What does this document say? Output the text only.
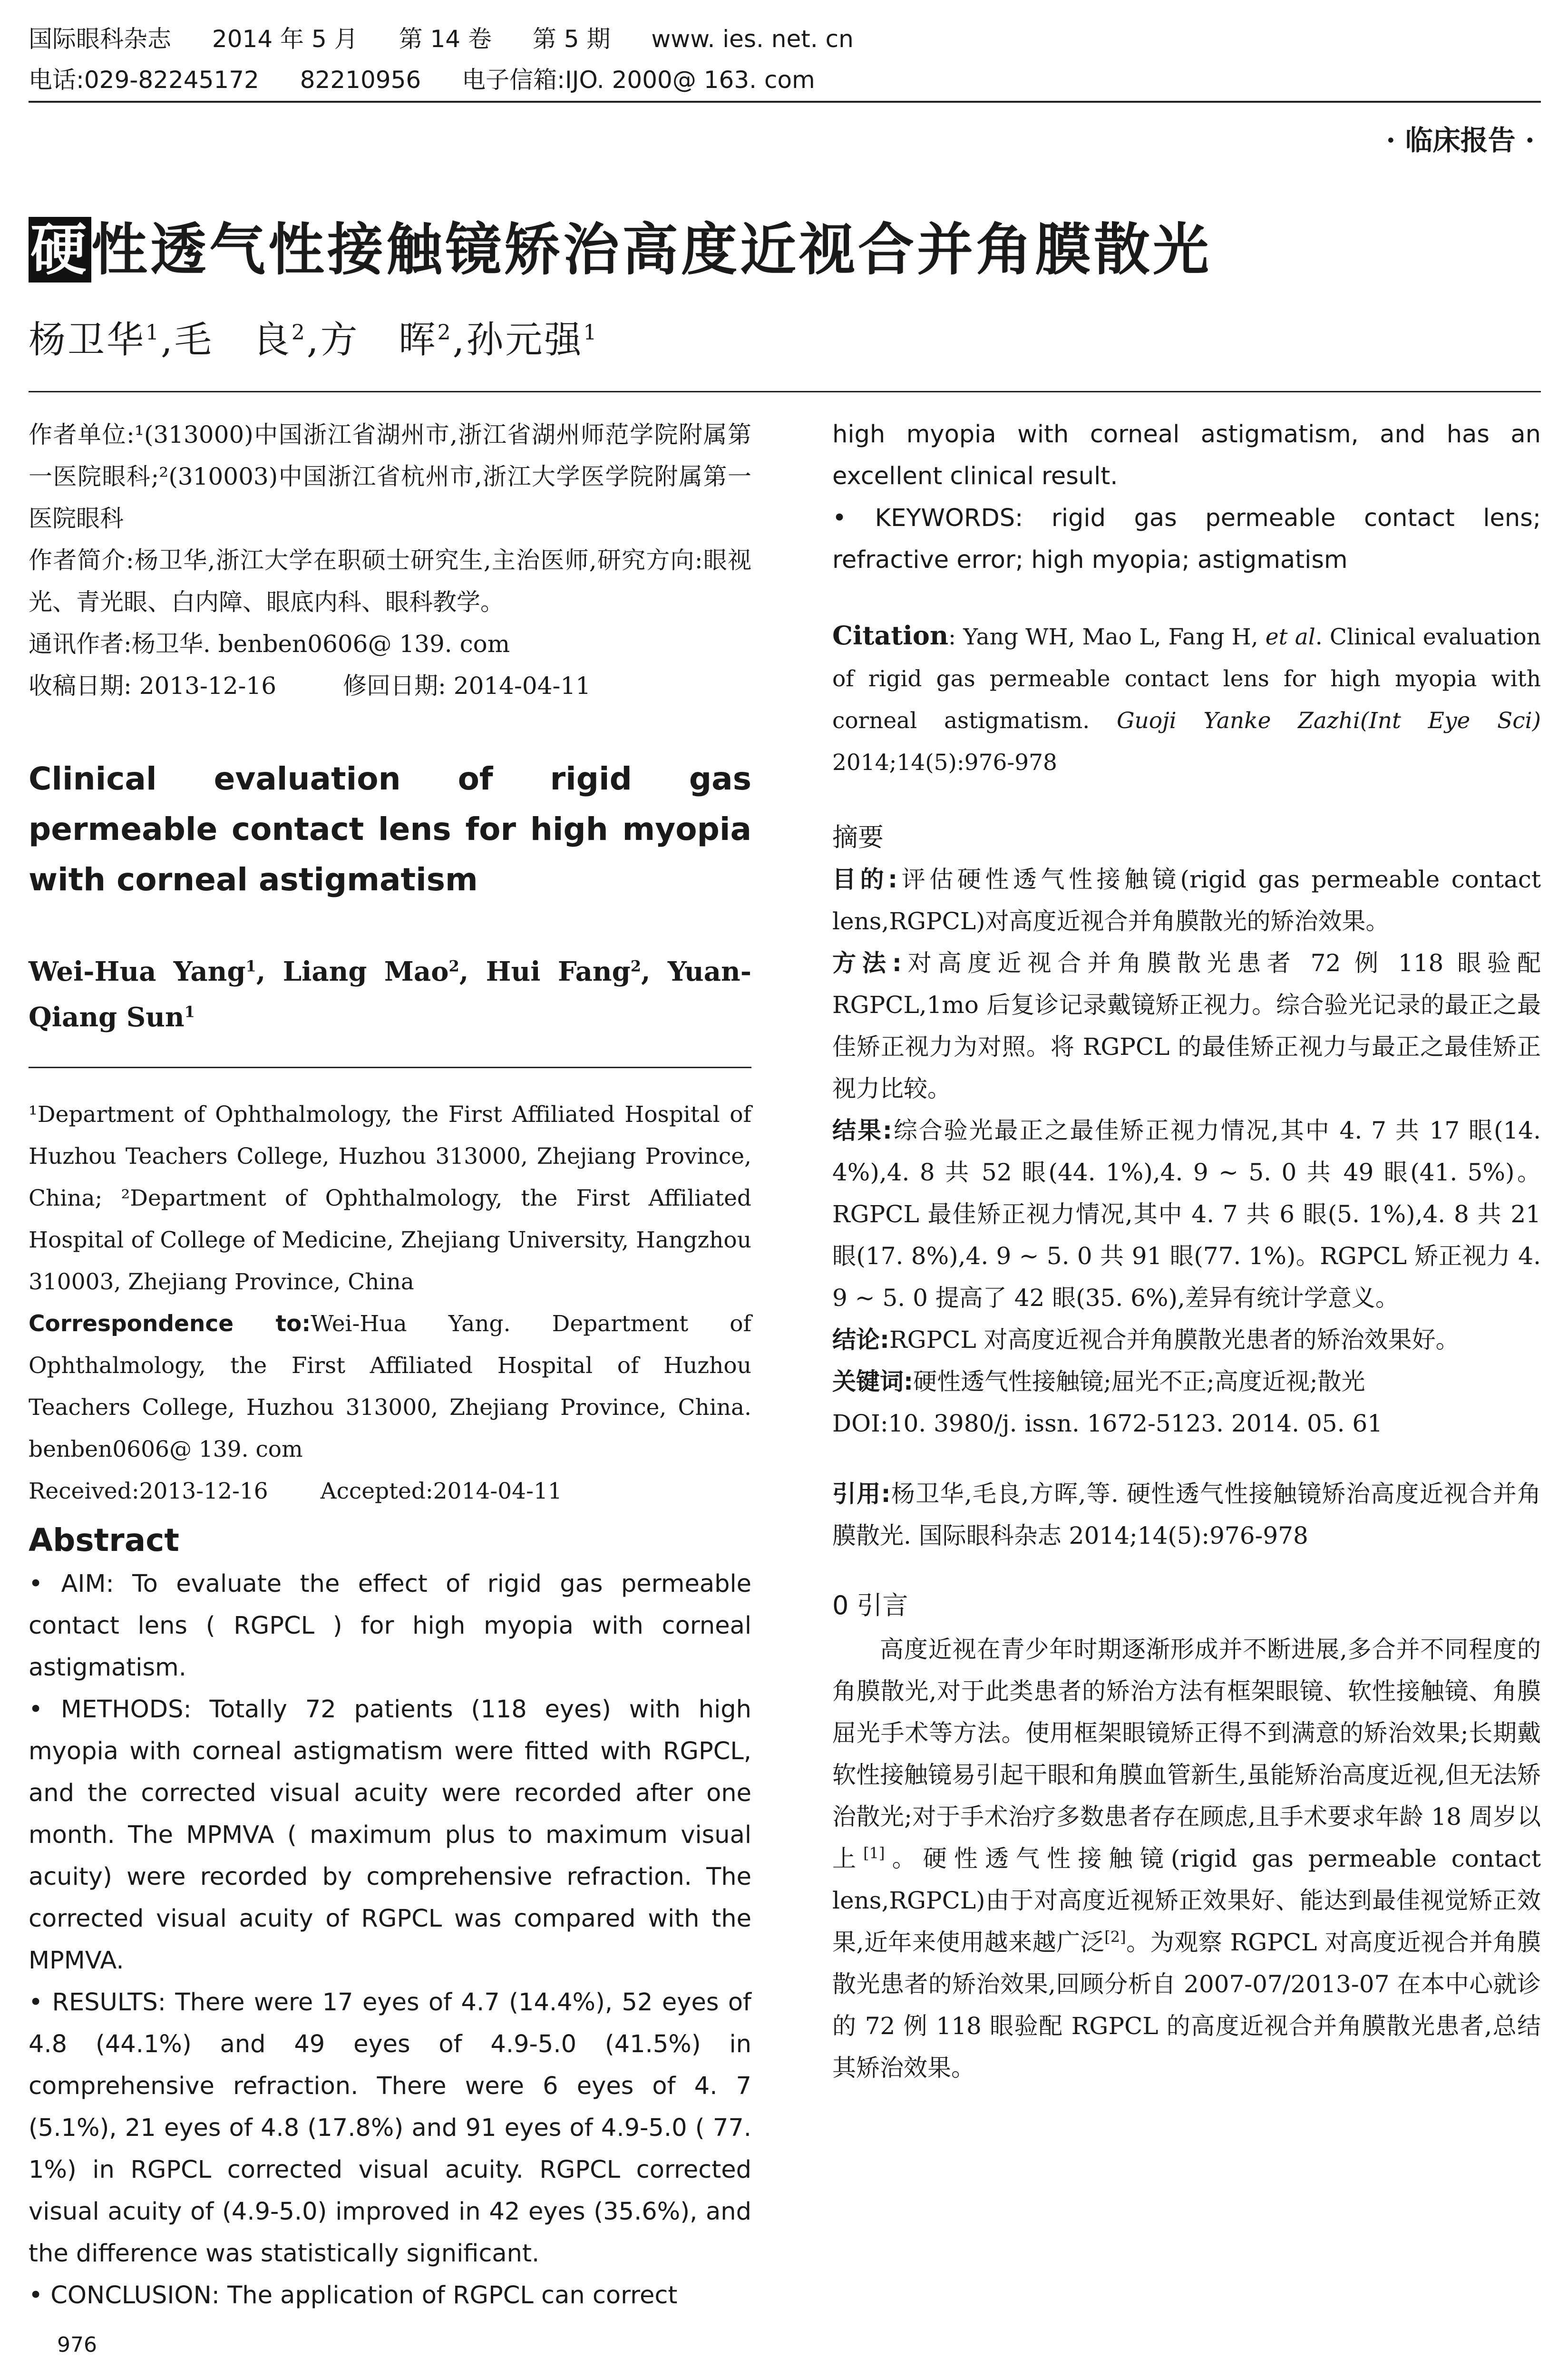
国际眼科杂志 2014 年 5 月 第 14 卷 第 5 期 www. ies. net. cn
电话:029-82245172 82210956 电子信箱:IJO. 2000@ 163. com
· 临床报告 ·
硬性透气性接触镜矫治高度近视合并角膜散光
杨卫华$^1$,毛　良$^2$,方　晖$^2$,孙元强$^1$

作者单位:¹(313000)中国浙江省湖州市,浙江省湖州师范学院附属第一医院眼科;²(310003)中国浙江省杭州市,浙江大学医学院附属第一医院眼科

作者简介:杨卫华,浙江大学在职硕士研究生,主治医师,研究方向:眼视光、青光眼、白内障、眼底内科、眼科教学。

通讯作者:杨卫华. benben0606@ 139. com

收稿日期: 2013-12-16	修回日期: 2014-04-11

Clinical evaluation of rigid gas permeable contact lens for high myopia with corneal astigmatism

Wei-Hua Yang$^1$, Liang Mao$^2$, Hui Fang$^2$, Yuan-Qiang Sun$^1$

¹Department of Ophthalmology, the First Affiliated Hospital of Huzhou Teachers College, Huzhou 313000, Zhejiang Province, China; ²Department of Ophthalmology, the First Affiliated Hospital of College of Medicine, Zhejiang University, Hangzhou 310003, Zhejiang Province, China

Correspondence to:Wei-Hua Yang. Department of Ophthalmology, the First Affiliated Hospital of Huzhou Teachers College, Huzhou 313000, Zhejiang Province, China. benben0606@ 139. com

Received:2013-12-16 Accepted:2014-04-11

Abstract

• AIM: To evaluate the effect of rigid gas permeable contact lens ( RGPCL ) for high myopia with corneal astigmatism.

• METHODS: Totally 72 patients (118 eyes) with high myopia with corneal astigmatism were fitted with RGPCL, and the corrected visual acuity were recorded after one month. The MPMVA ( maximum plus to maximum visual acuity) were recorded by comprehensive refraction. The corrected visual acuity of RGPCL was compared with the MPMVA.

• RESULTS: There were 17 eyes of 4.7 (14.4%), 52 eyes of 4.8 (44.1%) and 49 eyes of 4.9-5.0 (41.5%) in comprehensive refraction. There were 6 eyes of 4. 7 (5.1%), 21 eyes of 4.8 (17.8%) and 91 eyes of 4.9-5.0 ( 77. 1%) in RGPCL corrected visual acuity. RGPCL corrected visual acuity of (4.9-5.0) improved in 42 eyes (35.6%), and the difference was statistically significant.

• CONCLUSION: The application of RGPCL can correct

976

high myopia with corneal astigmatism, and has an excellent clinical result.

• KEYWORDS: rigid gas permeable contact lens; refractive error; high myopia; astigmatism

Citation: Yang WH, Mao L, Fang H, et al. Clinical evaluation of rigid gas permeable contact lens for high myopia with corneal astigmatism. Guoji Yanke Zazhi(Int Eye Sci) 2014;14(5):976-978

摘要

目的:评估硬性透气性接触镜(rigid gas permeable contact lens,RGPCL)对高度近视合并角膜散光的矫治效果。

方法:对高度近视合并角膜散光患者 72 例 118 眼验配 RGPCL,1mo 后复诊记录戴镜矫正视力。综合验光记录的最正之最佳矫正视力为对照。将 RGPCL 的最佳矫正视力与最正之最佳矫正视力比较。

结果:综合验光最正之最佳矫正视力情况,其中 4. 7 共 17 眼(14. 4%),4. 8 共 52 眼(44. 1%),4. 9 ~ 5. 0 共 49 眼(41. 5%)。RGPCL 最佳矫正视力情况,其中 4. 7 共 6 眼(5. 1%),4. 8 共 21 眼(17. 8%),4. 9 ~ 5. 0 共 91 眼(77. 1%)。RGPCL 矫正视力 4. 9 ~ 5. 0 提高了 42 眼(35. 6%),差异有统计学意义。

结论:RGPCL 对高度近视合并角膜散光患者的矫治效果好。

关键词:硬性透气性接触镜;屈光不正;高度近视;散光

DOI:10. 3980/j. issn. 1672-5123. 2014. 05. 61

引用:杨卫华,毛良,方晖,等. 硬性透气性接触镜矫治高度近视合并角膜散光. 国际眼科杂志 2014;14(5):976-978

0 引言

高度近视在青少年时期逐渐形成并不断进展,多合并不同程度的角膜散光,对于此类患者的矫治方法有框架眼镜、软性接触镜、角膜屈光手术等方法。使用框架眼镜矫正得不到满意的矫治效果;长期戴软性接触镜易引起干眼和角膜血管新生,虽能矫治高度近视,但无法矫治散光;对于手术治疗多数患者存在顾虑,且手术要求年龄 18 周岁以上[1]。硬性透气性接触镜(rigid gas permeable contact lens,RGPCL)由于对高度近视矫正效果好、能达到最佳视觉矫正效果,近年来使用越来越广泛[2]。为观察 RGPCL 对高度近视合并角膜散光患者的矫治效果,回顾分析自 2007-07/2013-07 在本中心就诊的 72 例 118 眼验配 RGPCL 的高度近视合并角膜散光患者,总结其矫治效果。
